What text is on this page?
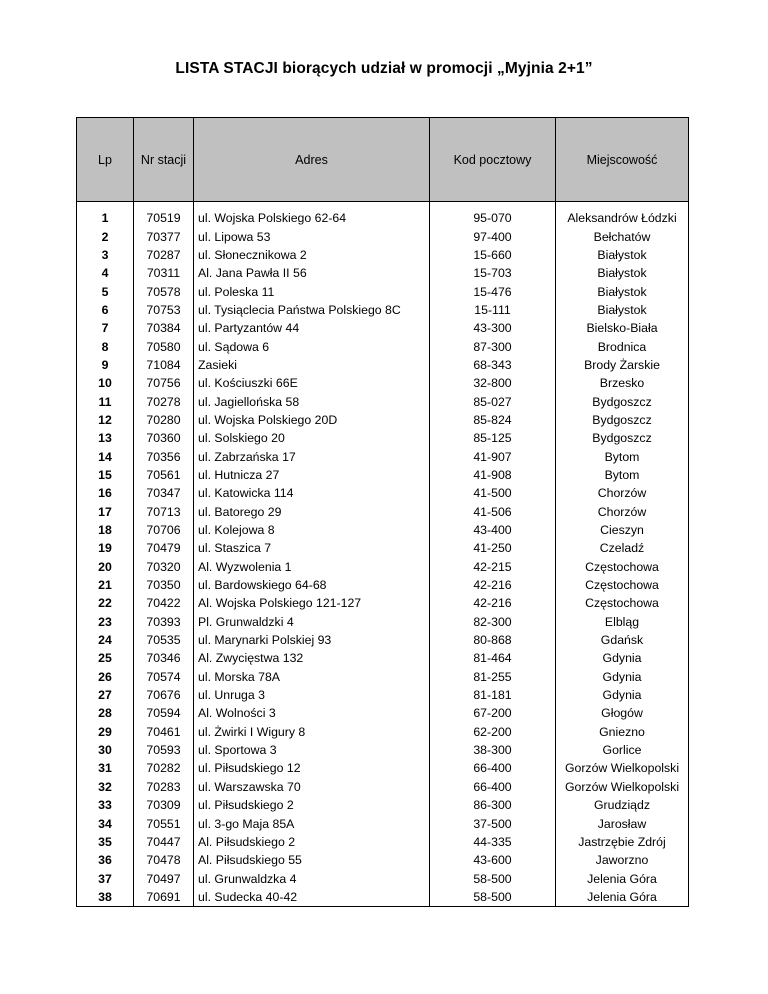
LISTA STACJI biorących udział w promocji „Myjnia 2+1”
Lp	Nr stacji	Adres	Kod pocztowy	Miejscowość

1	70519	ul. Wojska Polskiego 62-64	95-070	Aleksandrów Łódzki
2	70377	ul. Lipowa 53	97-400	Bełchatów
3	70287	ul. Słonecznikowa 2	15-660	Białystok
4	70311	Al. Jana Pawła II 56	15-703	Białystok
5	70578	ul. Poleska 11	15-476	Białystok
6	70753	ul. Tysiąclecia Państwa Polskiego 8C	15-111	Białystok
7	70384	ul. Partyzantów 44	43-300	Bielsko-Biała
8	70580	ul. Sądowa 6	87-300	Brodnica
9	71084	Zasieki	68-343	Brody Żarskie
10	70756	ul. Kościuszki 66E	32-800	Brzesko
11	70278	ul. Jagiellońska 58	85-027	Bydgoszcz
12	70280	ul. Wojska Polskiego 20D	85-824	Bydgoszcz
13	70360	ul. Solskiego 20	85-125	Bydgoszcz
14	70356	ul. Zabrzańska 17	41-907	Bytom
15	70561	ul. Hutnicza 27	41-908	Bytom
16	70347	ul. Katowicka 114	41-500	Chorzów
17	70713	ul. Batorego 29	41-506	Chorzów
18	70706	ul. Kolejowa 8	43-400	Cieszyn
19	70479	ul. Staszica 7	41-250	Czeladź
20	70320	Al. Wyzwolenia 1	42-215	Częstochowa
21	70350	ul. Bardowskiego 64-68	42-216	Częstochowa
22	70422	Al. Wojska Polskiego 121-127	42-216	Częstochowa
23	70393	Pl. Grunwaldzki 4	82-300	Elbląg
24	70535	ul. Marynarki Polskiej 93	80-868	Gdańsk
25	70346	Al. Zwycięstwa 132	81-464	Gdynia
26	70574	ul. Morska 78A	81-255	Gdynia
27	70676	ul. Unruga 3	81-181	Gdynia
28	70594	Al. Wolności 3	67-200	Głogów
29	70461	ul. Żwirki I Wigury 8	62-200	Gniezno
30	70593	ul. Sportowa 3	38-300	Gorlice
31	70282	ul. Piłsudskiego 12	66-400	Gorzów Wielkopolski
32	70283	ul. Warszawska 70	66-400	Gorzów Wielkopolski
33	70309	ul. Piłsudskiego 2	86-300	Grudziądz
34	70551	ul. 3-go Maja 85A	37-500	Jarosław
35	70447	Al. Piłsudskiego 2	44-335	Jastrzębie Zdrój
36	70478	Al. Piłsudskiego 55	43-600	Jaworzno
37	70497	ul. Grunwaldzka 4	58-500	Jelenia Góra
38	70691	ul. Sudecka 40-42	58-500	Jelenia Góra
